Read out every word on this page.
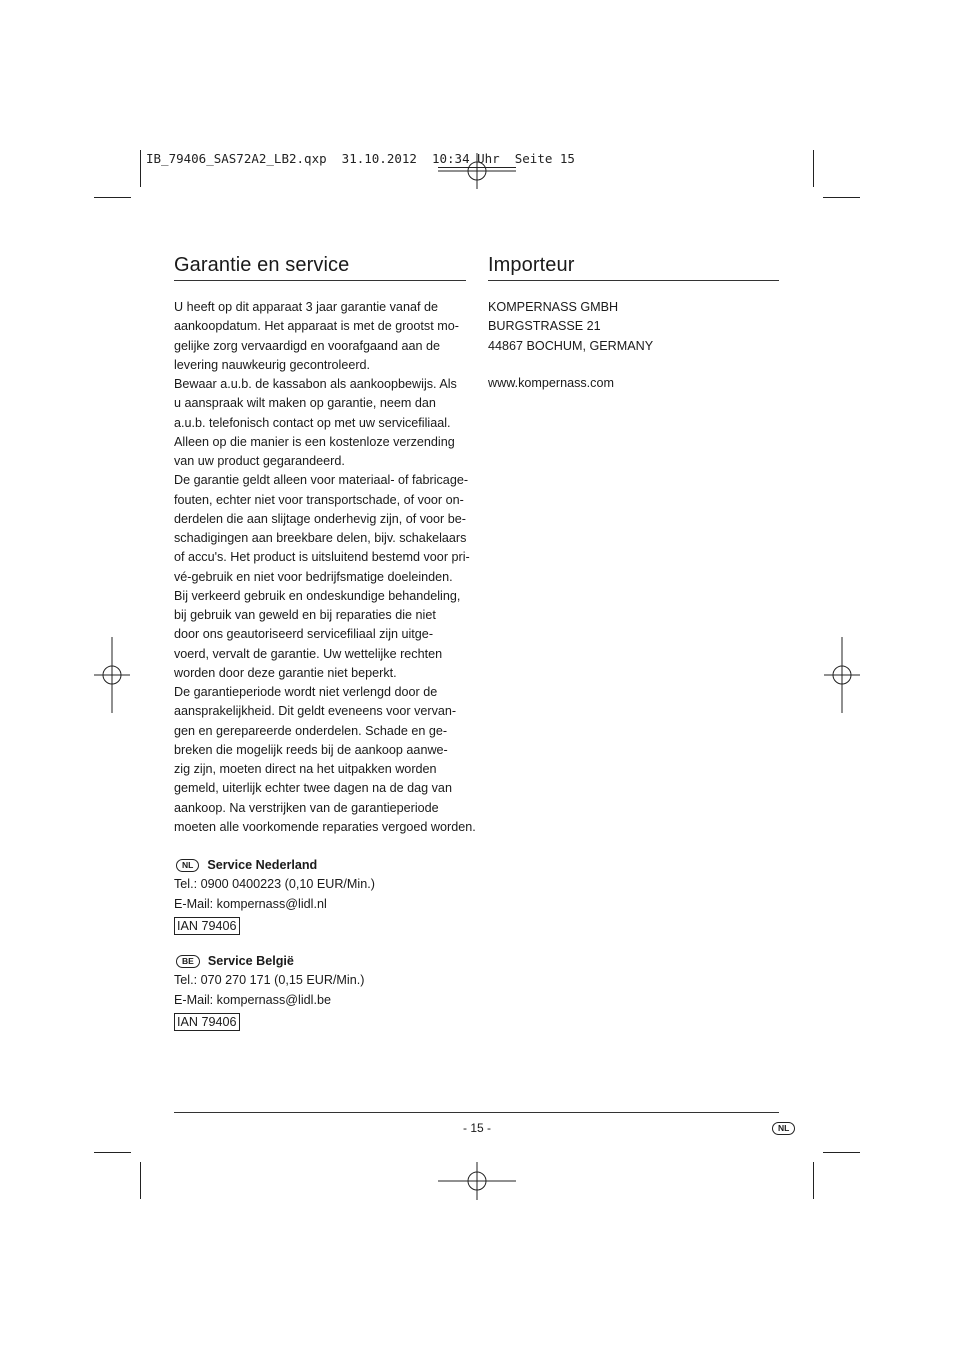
IB_79406_SAS72A2_LB2.qxp  31.10.2012  10:34 Uhr  Seite 15
Garantie en service
U heeft op dit apparaat 3 jaar garantie vanaf de
aankoopdatum. Het apparaat is met de grootst mo-
gelijke zorg vervaardigd en voorafgaand aan de
levering nauwkeurig gecontroleerd.
Bewaar a.u.b. de kassabon als aankoopbewijs. Als
u aanspraak wilt maken op garantie, neem dan
a.u.b. telefonisch contact op met uw servicefiliaal.
Alleen op die manier is een kostenloze verzending
van uw product gegarandeerd.
De garantie geldt alleen voor materiaal- of fabricage-
fouten, echter niet voor transportschade, of voor on-
derdelen die aan slijtage onderhevig zijn, of voor be-
schadigingen aan breekbare delen, bijv. schakelaars
of accu's. Het product is uitsluitend bestemd voor pri-
vé-gebruik en niet voor bedrijfsmatige doeleinden.
Bij verkeerd gebruik en ondeskundige behandeling,
bij gebruik van geweld en bij reparaties die niet
door ons geautoriseerd servicefiliaal zijn uitge-
voerd, vervalt de garantie. Uw wettelijke rechten
worden door deze garantie niet beperkt.
De garantieperiode wordt niet verlengd door de
aansprakelijkheid. Dit geldt eveneens voor vervan-
gen en gerepareerde onderdelen. Schade en ge-
breken die mogelijk reeds bij de aankoop aanwe-
zig zijn, moeten direct na het uitpakken worden
gemeld, uiterlijk echter twee dagen na de dag van
aankoop. Na verstrijken van de garantieperiode
moeten alle voorkomende reparaties vergoed worden.
NL	Service Nederland
Tel.: 0900 0400223 (0,10 EUR/Min.)
E-Mail: kompernass@lidl.nl
IAN 79406
BE	Service België
Tel.: 070 270 171 (0,15 EUR/Min.)
E-Mail: kompernass@lidl.be
IAN 79406
Importeur
KOMPERNASS GMBH
BURGSTRASSE 21
44867 BOCHUM, GERMANY
www.kompernass.com
- 15 -	NL
